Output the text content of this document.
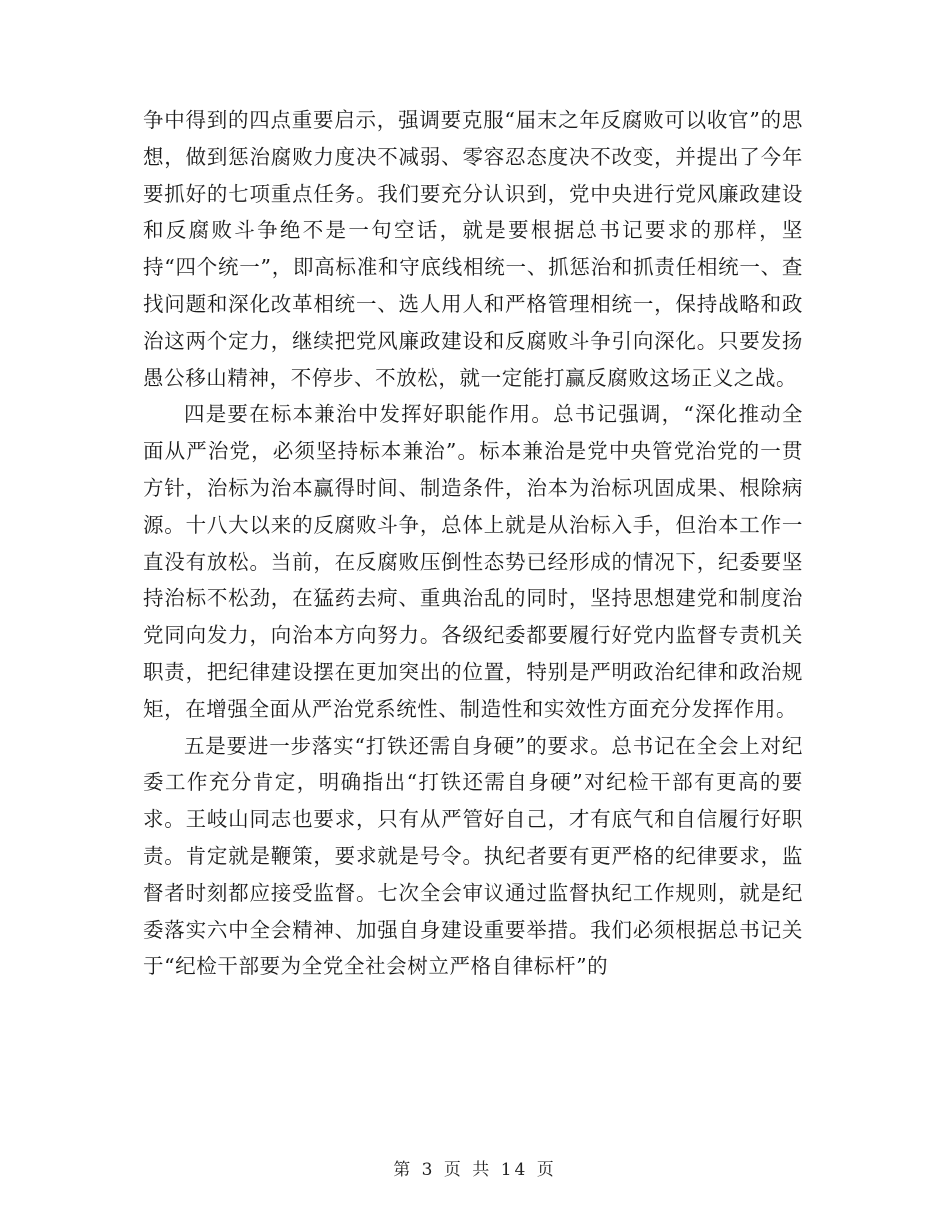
争中得到的四点重要启示，强调要克服“届末之年反腐败可以收官”的思想，做到惩治腐败力度决不减弱、零容忍态度决不改变，并提出了今年要抓好的七项重点任务。我们要充分认识到，党中央进行党风廉政建设和反腐败斗争绝不是一句空话，就是要根据总书记要求的那样，坚持“四个统一”，即高标准和守底线相统一、抓惩治和抓责任相统一、查找问题和深化改革相统一、选人用人和严格管理相统一，保持战略和政治这两个定力，继续把党风廉政建设和反腐败斗争引向深化。只要发扬愚公移山精神，不停步、不放松，就一定能打赢反腐败这场正义之战。

四是要在标本兼治中发挥好职能作用。总书记强调，“深化推动全面从严治党，必须坚持标本兼治”。标本兼治是党中央管党治党的一贯方针，治标为治本赢得时间、制造条件，治本为治标巩固成果、根除病源。十八大以来的反腐败斗争，总体上就是从治标入手，但治本工作一直没有放松。当前，在反腐败压倒性态势已经形成的情况下，纪委要坚持治标不松劲，在猛药去疴、重典治乱的同时，坚持思想建党和制度治党同向发力，向治本方向努力。各级纪委都要履行好党内监督专责机关职责，把纪律建设摆在更加突出的位置，特别是严明政治纪律和政治规矩，在增强全面从严治党系统性、制造性和实效性方面充分发挥作用。

五是要进一步落实“打铁还需自身硬”的要求。总书记在全会上对纪委工作充分肯定，明确指出“打铁还需自身硬”对纪检干部有更高的要求。王岐山同志也要求，只有从严管好自己，才有底气和自信履行好职责。肯定就是鞭策，要求就是号令。执纪者要有更严格的纪律要求，监督者时刻都应接受监督。七次全会审议通过监督执纪工作规则，就是纪委落实六中全会精神、加强自身建设重要举措。我们必须根据总书记关于“纪检干部要为全党全社会树立严格自律标杆”的

第 3 页 共 14 页
